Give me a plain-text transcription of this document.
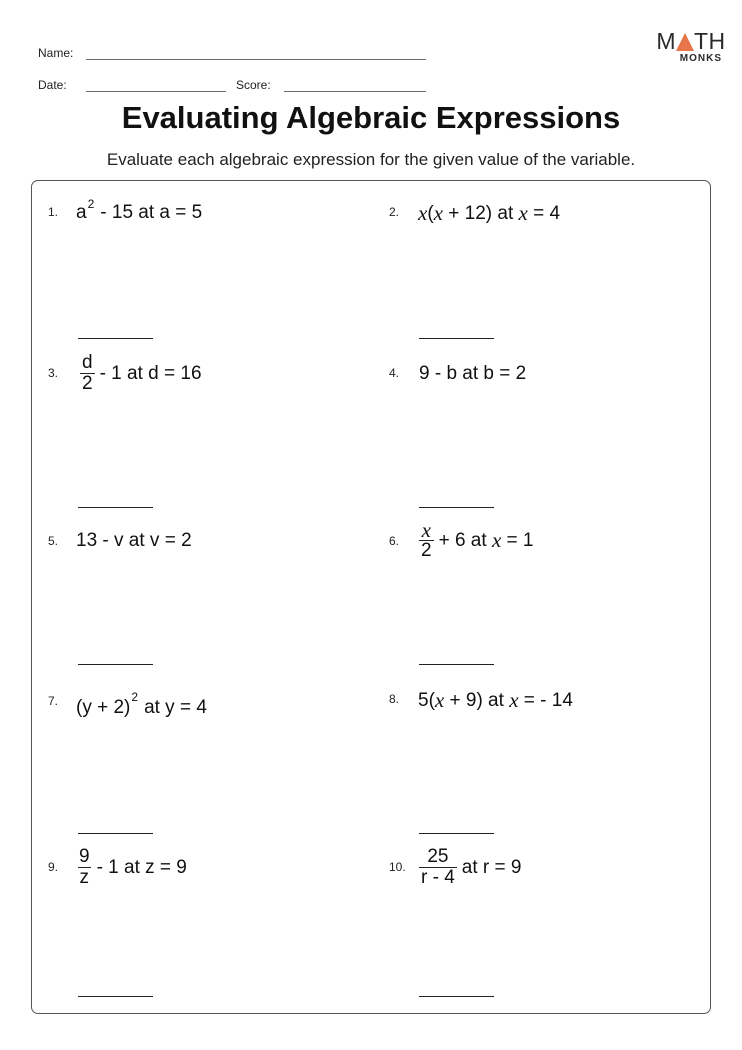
Name:
Date:	Score:
M TH
MONKS
Evaluating Algebraic Expressions
Evaluate each algebraic expression for the given value of the variable.
1. a 2 - 15 at a = 5	2. x ( x + 12) at x = 4
3. $\frac{d}{2} - 1$ at d = 16	4. 9 - b at b = 2
5. 13 - v at v = 2	6. $\frac{x}{2} + 6$ at x = 1
7. (y + 2) 2 at y = 4	8. 5( x + 9) at x = - 14
9. $\frac{9}{z} - 1$ at z = 9	10. $\frac{25}{r - 4}$ at r = 9
